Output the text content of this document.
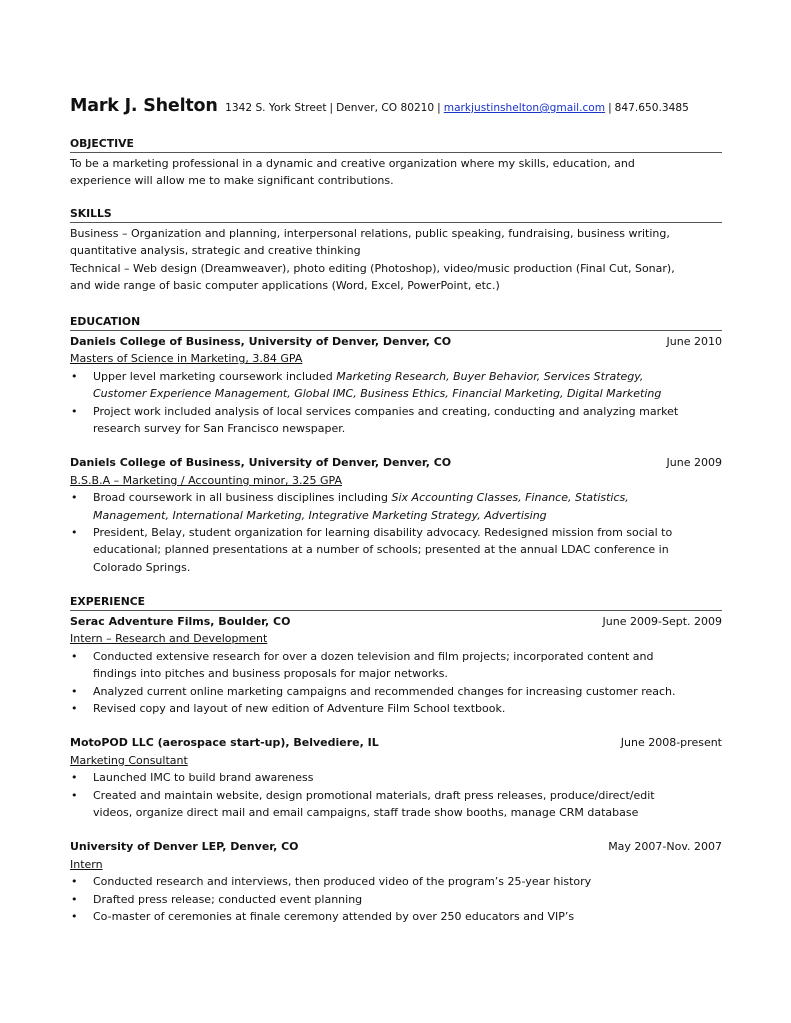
Mark J. Shelton 1342 S. York Street | Denver, CO 80210 | markjustinshelton@gmail.com | 847.650.3485
OBJECTIVE

To be a marketing professional in a dynamic and creative organization where my skills, education, and

experience will allow me to make significant contributions.

SKILLS

Business – Organization and planning, interpersonal relations, public speaking, fundraising, business writing,

quantitative analysis, strategic and creative thinking

Technical – Web design (Dreamweaver), photo editing (Photoshop), video/music production (Final Cut, Sonar),

and wide range of basic computer applications (Word, Excel, PowerPoint, etc.)

EDUCATION
Daniels College of Business, University of Denver, Denver, CO	June 2010
Masters of Science in Marketing, 3.84 GPA
• Upper level marketing coursework included Marketing Research, Buyer Behavior, Services Strategy,
Customer Experience Management, Global IMC, Business Ethics, Financial Marketing, Digital Marketing
• Project work included analysis of local services companies and creating, conducting and analyzing market
research survey for San Francisco newspaper.
Daniels College of Business, University of Denver, Denver, CO	June 2009
B.S.B.A – Marketing / Accounting minor, 3.25 GPA
• Broad coursework in all business disciplines including Six Accounting Classes, Finance, Statistics,
Management, International Marketing, Integrative Marketing Strategy, Advertising
• President, Belay, student organization for learning disability advocacy. Redesigned mission from social to
educational; planned presentations at a number of schools; presented at the annual LDAC conference in
Colorado Springs.
EXPERIENCE
Serac Adventure Films, Boulder, CO	June 2009-Sept. 2009
Intern – Research and Development
• Conducted extensive research for over a dozen television and film projects; incorporated content and
findings into pitches and business proposals for major networks.
• Analyzed current online marketing campaigns and recommended changes for increasing customer reach.
• Revised copy and layout of new edition of Adventure Film School textbook.
MotoPOD LLC (aerospace start-up), Belvediere, IL	June 2008-present
Marketing Consultant
• Launched IMC to build brand awareness
• Created and maintain website, design promotional materials, draft press releases, produce/direct/edit
videos, organize direct mail and email campaigns, staff trade show booths, manage CRM database
University of Denver LEP, Denver, CO	May 2007-Nov. 2007
Intern
• Conducted research and interviews, then produced video of the program’s 25-year history
• Drafted press release; conducted event planning
• Co-master of ceremonies at finale ceremony attended by over 250 educators and VIP’s
